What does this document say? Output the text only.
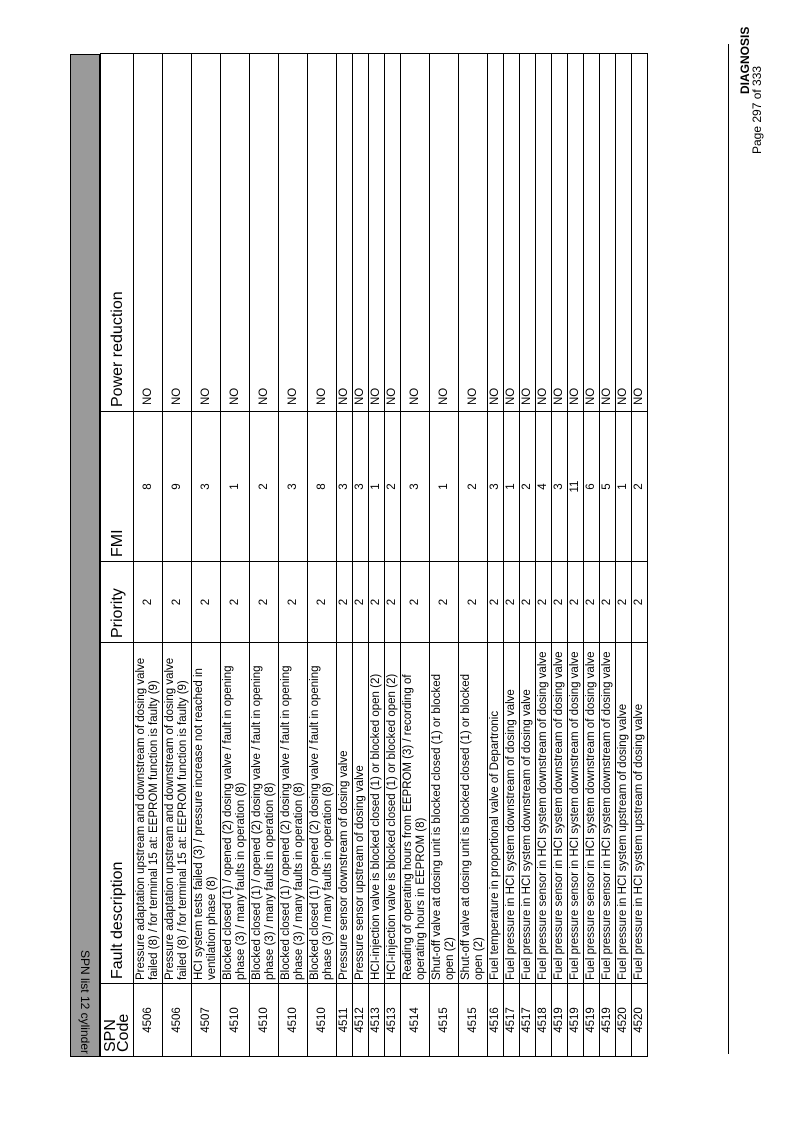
DIAGNOSIS
Page 297 of 333
SPN list 12 cylinder SPN Code	Fault description	Priority	FMI	Power reduction
4506	Pressure adaptation upstream and downstream of dosing valve failed (8) / for terminal 15 at: EEPROM function is faulty (9)	2	8	NO
4506	Pressure adaptation upstream and downstream of dosing valve failed (8) / for terminal 15 at: EEPROM function is faulty (9)	2	9	NO
4507	HCI system tests failed (3) / pressure increase not reached in ventilation phase (8)	2	3	NO
4510	Blocked closed (1) / opened (2) dosing valve / fault in opening phase (3) / many faults in operation (8)	2	1	NO
4510	Blocked closed (1) / opened (2) dosing valve / fault in opening phase (3) / many faults in operation (8)	2	2	NO
4510	Blocked closed (1) / opened (2) dosing valve / fault in opening phase (3) / many faults in operation (8)	2	3	NO
4510	Blocked closed (1) / opened (2) dosing valve / fault in opening phase (3) / many faults in operation (8)	2	8	NO
4511	Pressure sensor downstream of dosing valve	2	3	NO
4512	Pressure sensor upstream of dosing valve	2	3	NO
4513	HCI-injection valve is blocked closed (1) or blocked open (2)	2	1	NO
4513	HCI-injection valve is blocked closed (1) or blocked open (2)	2	2	NO
4514	Reading of operating hours from EEPROM (3) / recording of operating hours in EEPROM (8)	2	3	NO
4515	Shut-off valve at dosing unit is blocked closed (1) or blocked open (2)	2	1	NO
4515	Shut-off valve at dosing unit is blocked closed (1) or blocked open (2)	2	2	NO
4516	Fuel temperature in proportional valve of Departronic	2	3	NO
4517	Fuel pressure in HCI system downstream of dosing valve	2	1	NO
4517	Fuel pressure in HCI system downstream of dosing valve	2	2	NO
4518	Fuel pressure sensor in HCI system downstream of dosing valve	2	4	NO
4519	Fuel pressure sensor in HCI system downstream of dosing valve	2	3	NO
4519	Fuel pressure sensor in HCI system downstream of dosing valve	2	11	NO
4519	Fuel pressure sensor in HCI system downstream of dosing valve	2	6	NO
4519	Fuel pressure sensor in HCI system downstream of dosing valve	2	5	NO
4520	Fuel pressure in HCI system upstream of dosing valve	2	1	NO
4520	Fuel pressure in HCI system upstream of dosing valve	2	2	NO
